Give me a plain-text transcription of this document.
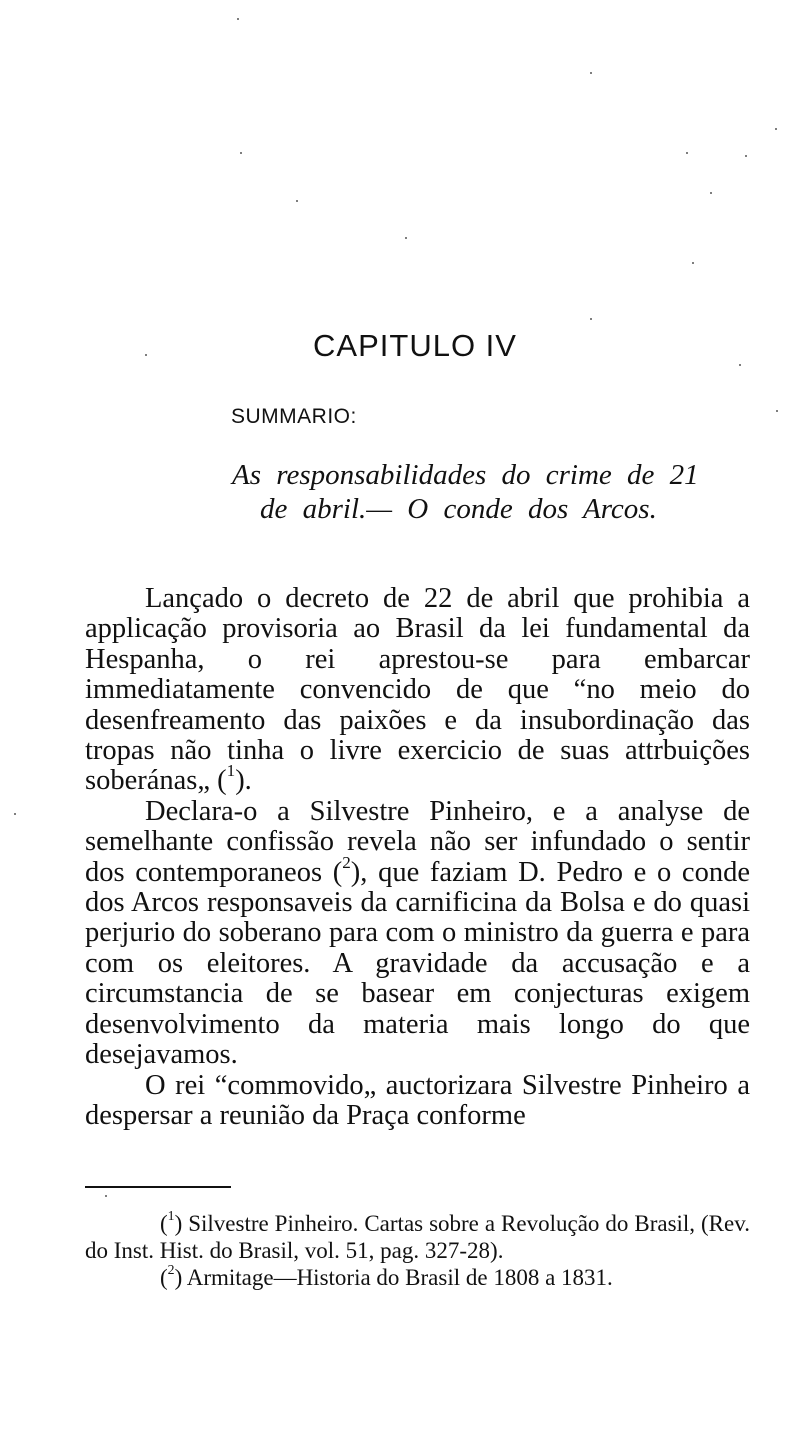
CAPITULO IV
SUMMARIO:
As responsabilidades do crime de 21
de abril.— O conde dos Arcos.

Lançado o decreto de 22 de abril que prohibia a applicação provisoria ao Brasil da lei fundamental da Hespanha, o rei aprestou-se para embarcar immediatamente convencido de que “no meio do desenfreamento das paixões e da insubordinação das tropas não tinha o livre exercicio de suas attrbuições soberánas„ ($^1$).

Declara-o a Silvestre Pinheiro, e a analyse de semelhante confissão revela não ser infundado o sentir dos contemporaneos ($^2$), que faziam D. Pedro e o conde dos Arcos responsaveis da carnificina da Bolsa e do quasi perjurio do soberano para com o ministro da guerra e para com os eleitores. A gravidade da accusação e a circumstancia de se basear em conjecturas exigem desenvolvimento da materia mais longo do que desejavamos.

O rei “commovido„ auctorizara Silvestre Pinheiro a despersar a reunião da Praça conforme

($^1$) Silvestre Pinheiro. Cartas sobre a Revolução do Brasil, (Rev. do Inst. Hist. do Brasil, vol. 51, pag. 327-28).

($^2$) Armitage—Historia do Brasil de 1808 a 1831.
